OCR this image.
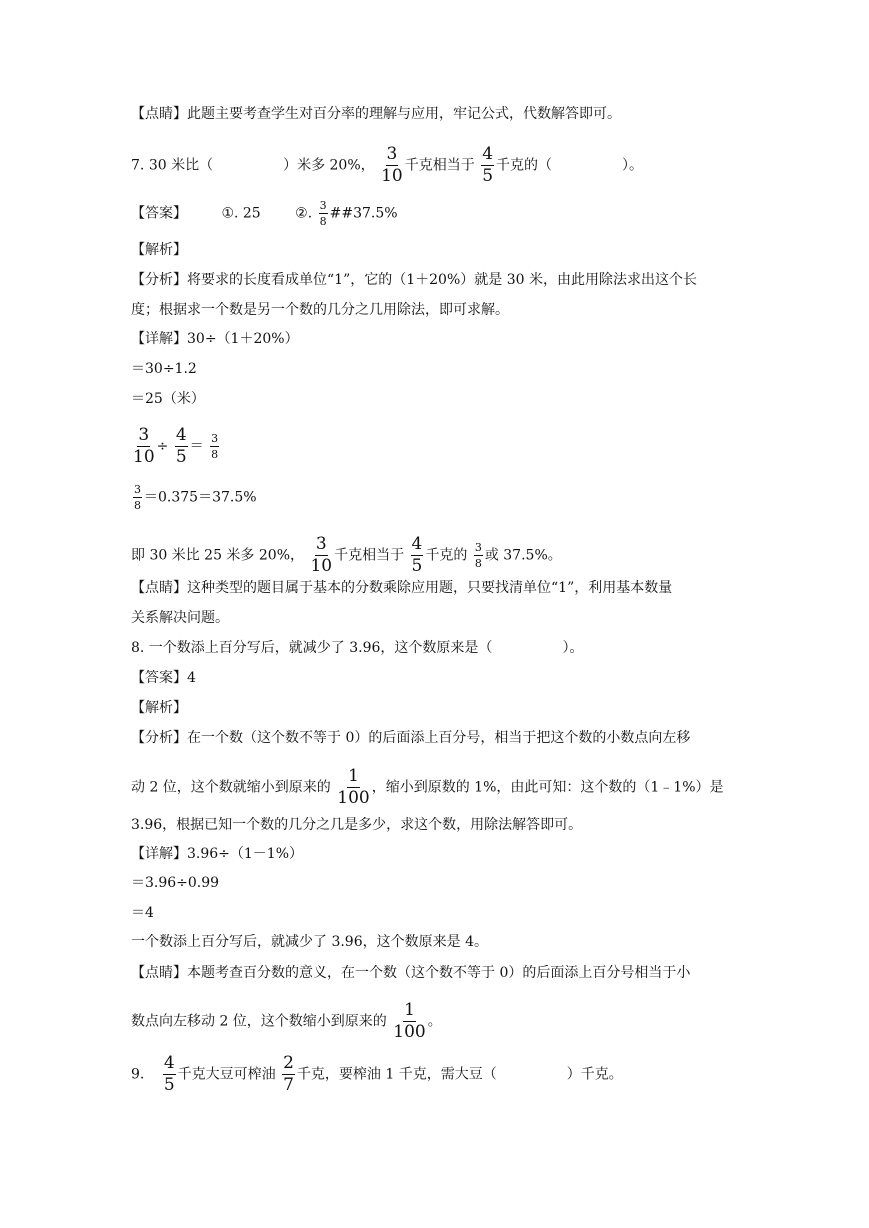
【点睛】此题主要考查学生对百分率的理解与应用，牢记公式，代数解答即可。
7. 30 米比（	）米多 20%， $\frac{3}{10}$ 千克相当于 $\frac{4}{5}$ 千克的（	）。
【答案】 ①. 25 ②. $\frac{3}{8}$ ##37.5%
【解析】
【分析】将要求的长度看成单位“1”，它的（1＋20%）就是 30 米，由此用除法求出这个长
度；根据求一个数是另一个数的几分之几用除法，即可求解。
【详解】30÷（1＋20%）
＝30÷1.2
＝25（米）
$\frac{3}{10} \div \frac{4}{5} = \frac{3}{8}$
$\frac{3}{8} =0.375=37.5\%$
即 30 米比 25 米多 20%， $\frac{3}{10}$ 千克相当于 $\frac{4}{5}$ 千克的 $\frac{3}{8}$ 或 37.5%。
【点睛】这种类型的题目属于基本的分数乘除应用题，只要找清单位“1”，利用基本数量
关系解决问题。
8. 一个数添上百分写后，就减少了 3.96，这个数原来是（	）。
【答案】4
【解析】
【分析】在一个数（这个数不等于 0）的后面添上百分号，相当于把这个数的小数点向左移
动 2 位，这个数就缩小到原来的 $\frac{1}{100}$ ，缩小到原数的 1%，由此可知：这个数的（1﹣1%）是
3.96，根据已知一个数的几分之几是多少，求这个数，用除法解答即可。
【详解】3.96÷（1－1%）
＝3.96÷0.99
＝4
一个数添上百分写后，就减少了 3.96，这个数原来是 4。
【点睛】本题考查百分数的意义，在一个数（这个数不等于 0）的后面添上百分号相当于小
数点向左移动 2 位，这个数缩小到原来的 $\frac{1}{100}$ 。
9. $\frac{4}{5}$ 千克大豆可榨油 $\frac{2}{7}$ 千克，要榨油 1 千克，需大豆（	）千克。
